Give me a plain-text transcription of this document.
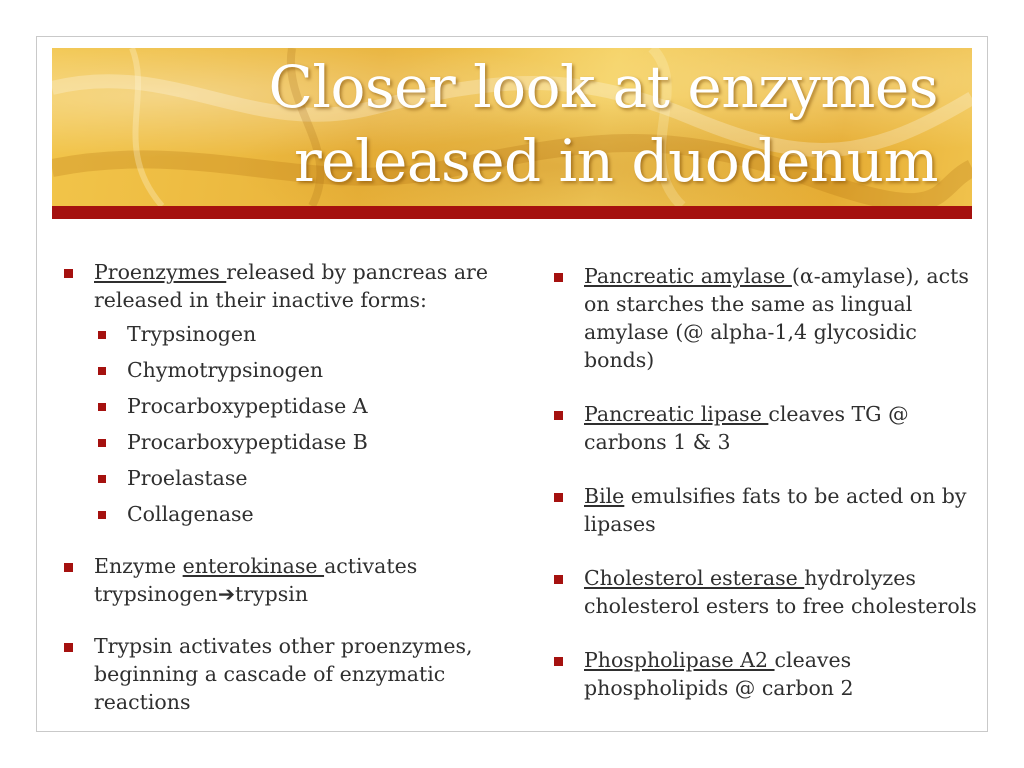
Closer look at enzymes
released in duodenum
Proenzymes released by pancreas are released in their inactive forms:
Trypsinogen
Chymotrypsinogen
Procarboxypeptidase A
Procarboxypeptidase B
Proelastase
Collagenase
Enzyme enterokinase activates trypsinogen➔trypsin
Trypsin activates other proenzymes, beginning a cascade of enzymatic reactions
Pancreatic amylase (α-amylase), acts on starches the same as lingual amylase (@ alpha-1,4 glycosidic bonds)
Pancreatic lipase cleaves TG @ carbons 1 & 3
Bile emulsifies fats to be acted on by lipases
Cholesterol esterase hydrolyzes cholesterol esters to free cholesterols
Phospholipase A2 cleaves phospholipids @ carbon 2
